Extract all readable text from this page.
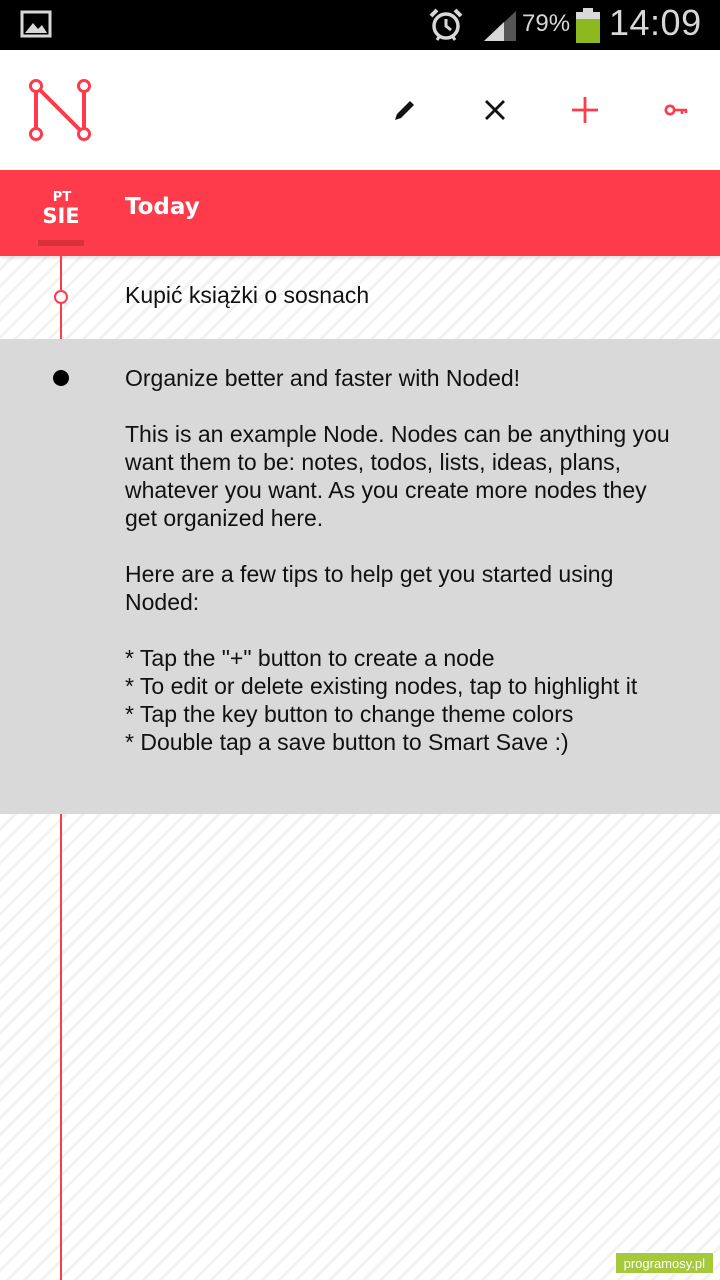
79% 14:09
PT
SIE Today
Kupić książki o sosnach
Organize better and faster with Noded!

This is an example Node. Nodes can be anything you want them to be: notes, todos, lists, ideas, plans, whatever you want. As you create more nodes they get organized here.

Here are a few tips to help get you started using Noded:

* Tap the "+" button to create a node
* To edit or delete existing nodes, tap to highlight it
* Tap the key button to change theme colors
* Double tap a save button to Smart Save :)
programosy.pl
